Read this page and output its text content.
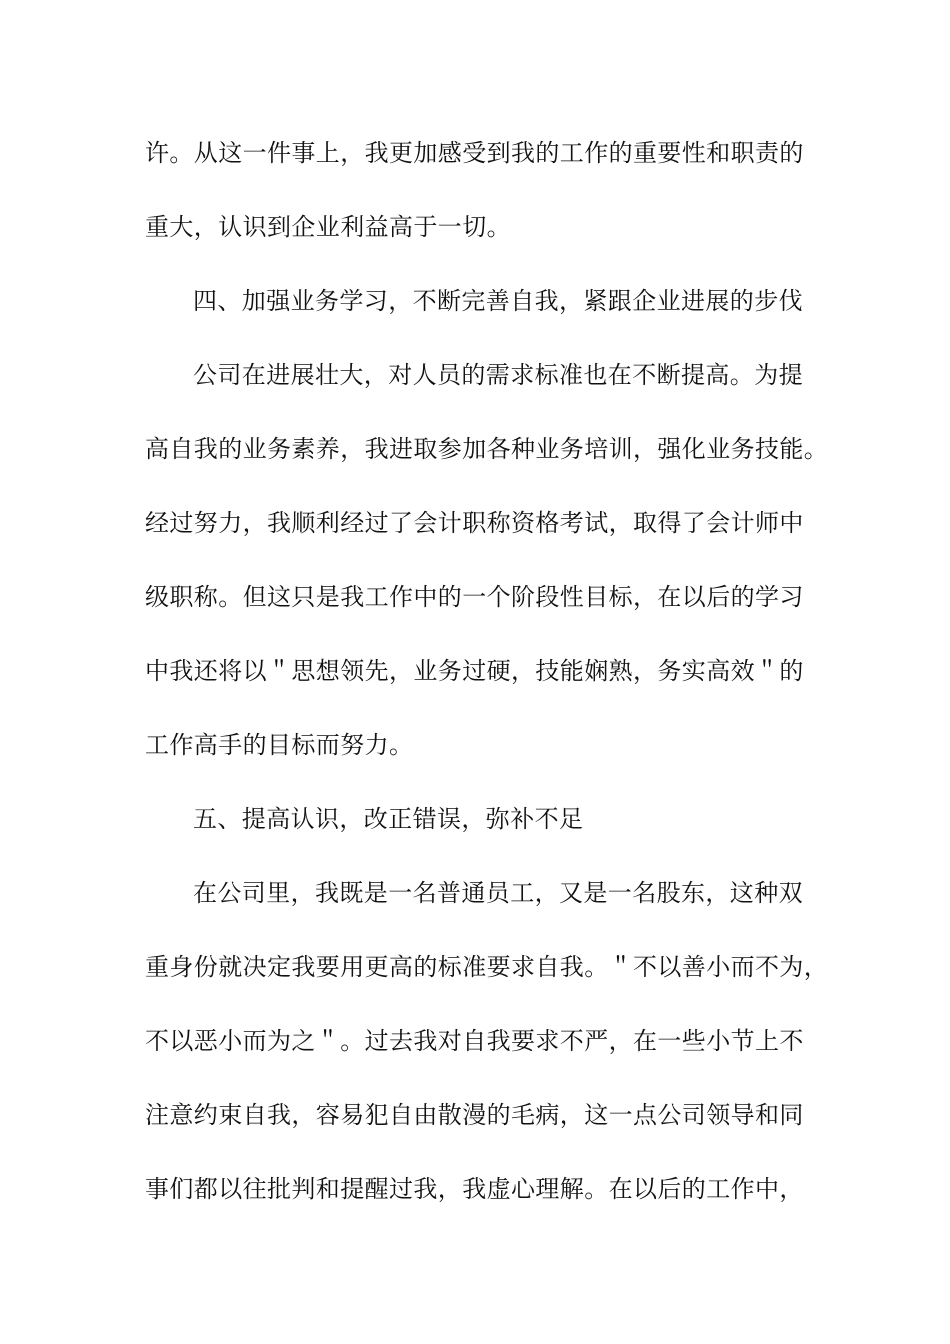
许。从这一件事上，我更加感受到我的工作的重要性和职责的

重大，认识到企业利益高于一切。

四、加强业务学习，不断完善自我，紧跟企业进展的步伐

公司在进展壮大，对人员的需求标准也在不断提高。为提

高自我的业务素养，我进取参加各种业务培训，强化业务技能。

经过努力，我顺利经过了会计职称资格考试，取得了会计师中

级职称。但这只是我工作中的一个阶段性目标，在以后的学习

中我还将以＂思想领先，业务过硬，技能娴熟，务实高效＂的

工作高手的目标而努力。

五、提高认识，改正错误，弥补不足

在公司里，我既是一名普通员工，又是一名股东，这种双

重身份就决定我要用更高的标准要求自我。＂不以善小而不为，

不以恶小而为之＂。过去我对自我要求不严，在一些小节上不

注意约束自我，容易犯自由散漫的毛病，这一点公司领导和同

事们都以往批判和提醒过我，我虚心理解。在以后的工作中，
